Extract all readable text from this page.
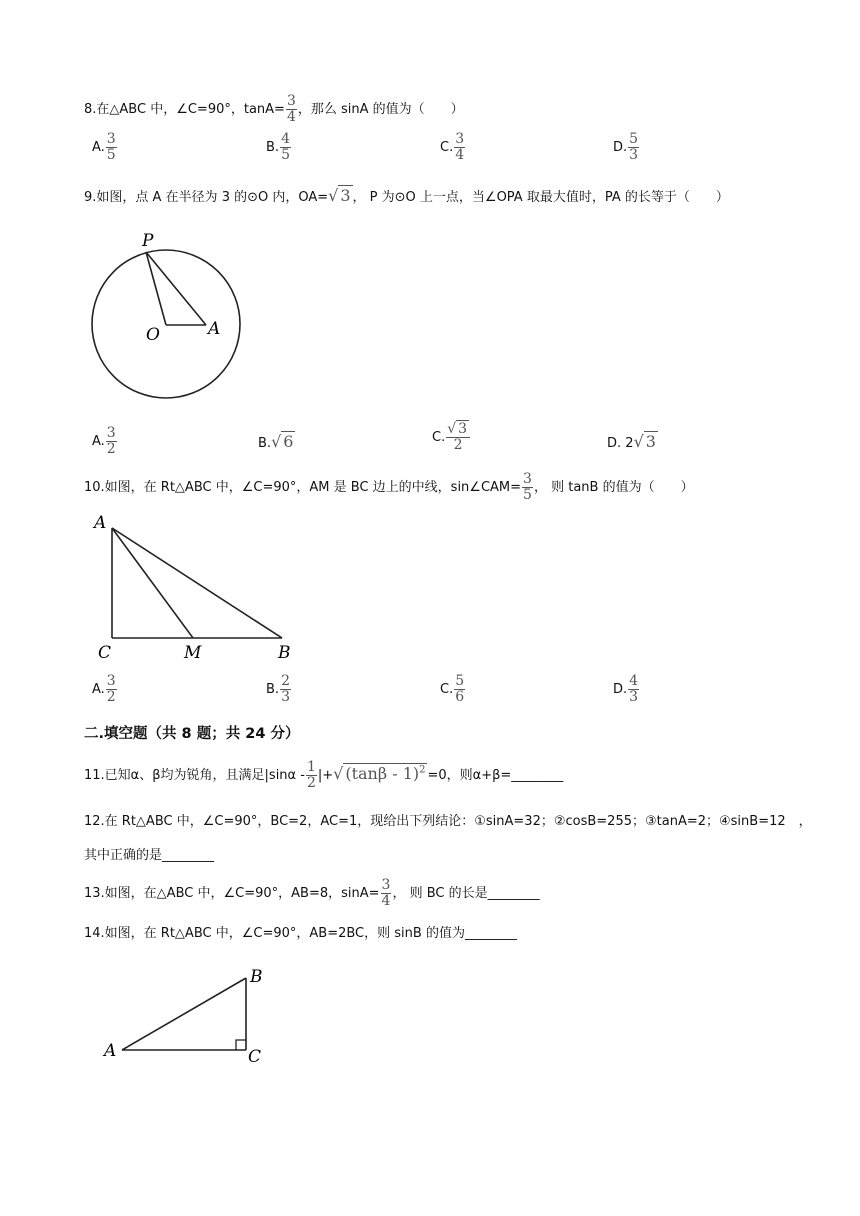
8.在△ABC 中，∠C=90°，$\tan A= \frac{3}{4}$ ，那么 sinA 的值为（　　）
A. $\frac{3}{5}$	B. $\frac{4}{5}$	C. $\frac{3}{4}$	D. $\frac{5}{3}$
9.如图，点 A 在半径为 3 的⊙O 内，OA=√ 3 ， P 为⊙O 上一点，当∠OPA 取最大值时，PA 的长等于（　　）
P
O	A
A. $\frac{3}{2}$	B.√ 6	C. $\frac{√ 3}{2}$	D. 2√ 3
10.如图，在 Rt△ABC 中，∠C=90°，AM 是 BC 边上的中线，sin∠CAM= $\frac{3}{5}$ ， 则 tanB 的值为（　　）
A
C	M	B
A. $\frac{3}{2}$	B. $\frac{2}{3}$	C. $\frac{5}{6}$	D. $\frac{4}{3}$
二.填空题（共 8 题；共 24 分）
11.已知α、β均为锐角，且满足$|\sin\alpha - \frac{1}{2}$ |+√ (tanβ - 1)$^2$ =0，则α+β=________
12.在 Rt△ABC 中，∠C=90°，BC=2，AC=1，现给出下列结论：①sinA=32；②cosB=255；③tanA=2；④sinB=12　，
其中正确的是________
13.如图，在△ABC 中，∠C=90°，AB=8，$\sin A= \frac{3}{4}$ ， 则 BC 的长是________
14.如图，在 Rt△ABC 中，∠C=90°，AB=2BC，则 sinB 的值为________
A
B
C
